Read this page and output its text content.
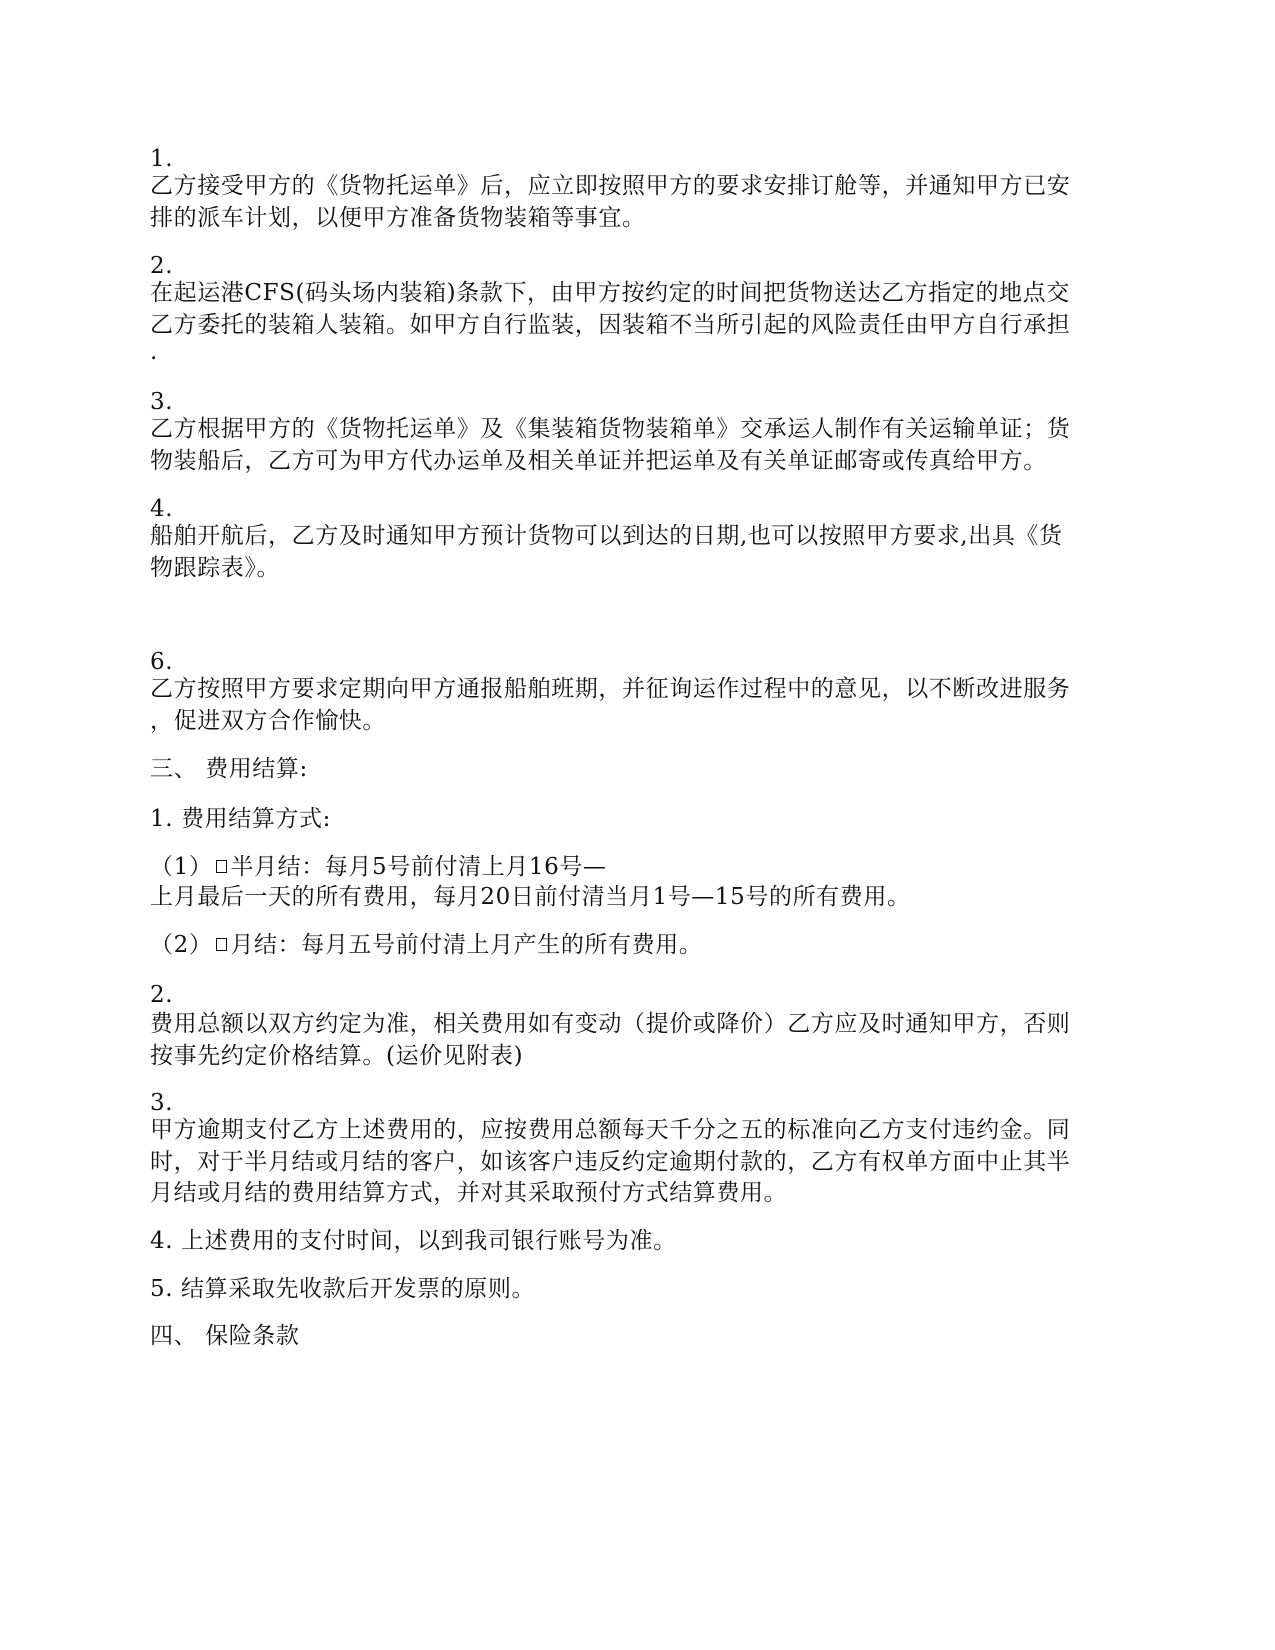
1.
乙方接受甲方的《货物托运单》后，应立即按照甲方的要求安排订舱等，并通知甲方已安
排的派车计划，以便甲方准备货物装箱等事宜。
2.
在起运港CFS(码头场内装箱)条款下，由甲方按约定的时间把货物送达乙方指定的地点交
乙方委托的装箱人装箱。如甲方自行监装，因装箱不当所引起的风险责任由甲方自行承担
.
3.
乙方根据甲方的《货物托运单》及《集装箱货物装箱单》交承运人制作有关运输单证；货
物装船后，乙方可为甲方代办运单及相关单证并把运单及有关单证邮寄或传真给甲方。
4.
船舶开航后，乙方及时通知甲方预计货物可以到达的日期,也可以按照甲方要求,出具《货
物跟踪表》。
6.
乙方按照甲方要求定期向甲方通报船舶班期，并征询运作过程中的意见，以不断改进服务
，促进双方合作愉快。
三、 费用结算:
1. 费用结算方式:
（1） 半月结：每月5号前付清上月16号—
上月最后一天的所有费用，每月20日前付清当月1号—15号的所有费用。
（2） 月结：每月五号前付清上月产生的所有费用。
2.
费用总额以双方约定为准，相关费用如有变动（提价或降价）乙方应及时通知甲方，否则
按事先约定价格结算。(运价见附表)
3.
甲方逾期支付乙方上述费用的，应按费用总额每天千分之五的标准向乙方支付违约金。同
时，对于半月结或月结的客户，如该客户违反约定逾期付款的，乙方有权单方面中止其半
月结或月结的费用结算方式，并对其采取预付方式结算费用。
4. 上述费用的支付时间，以到我司银行账号为准。
5. 结算采取先收款后开发票的原则。
四、 保险条款
